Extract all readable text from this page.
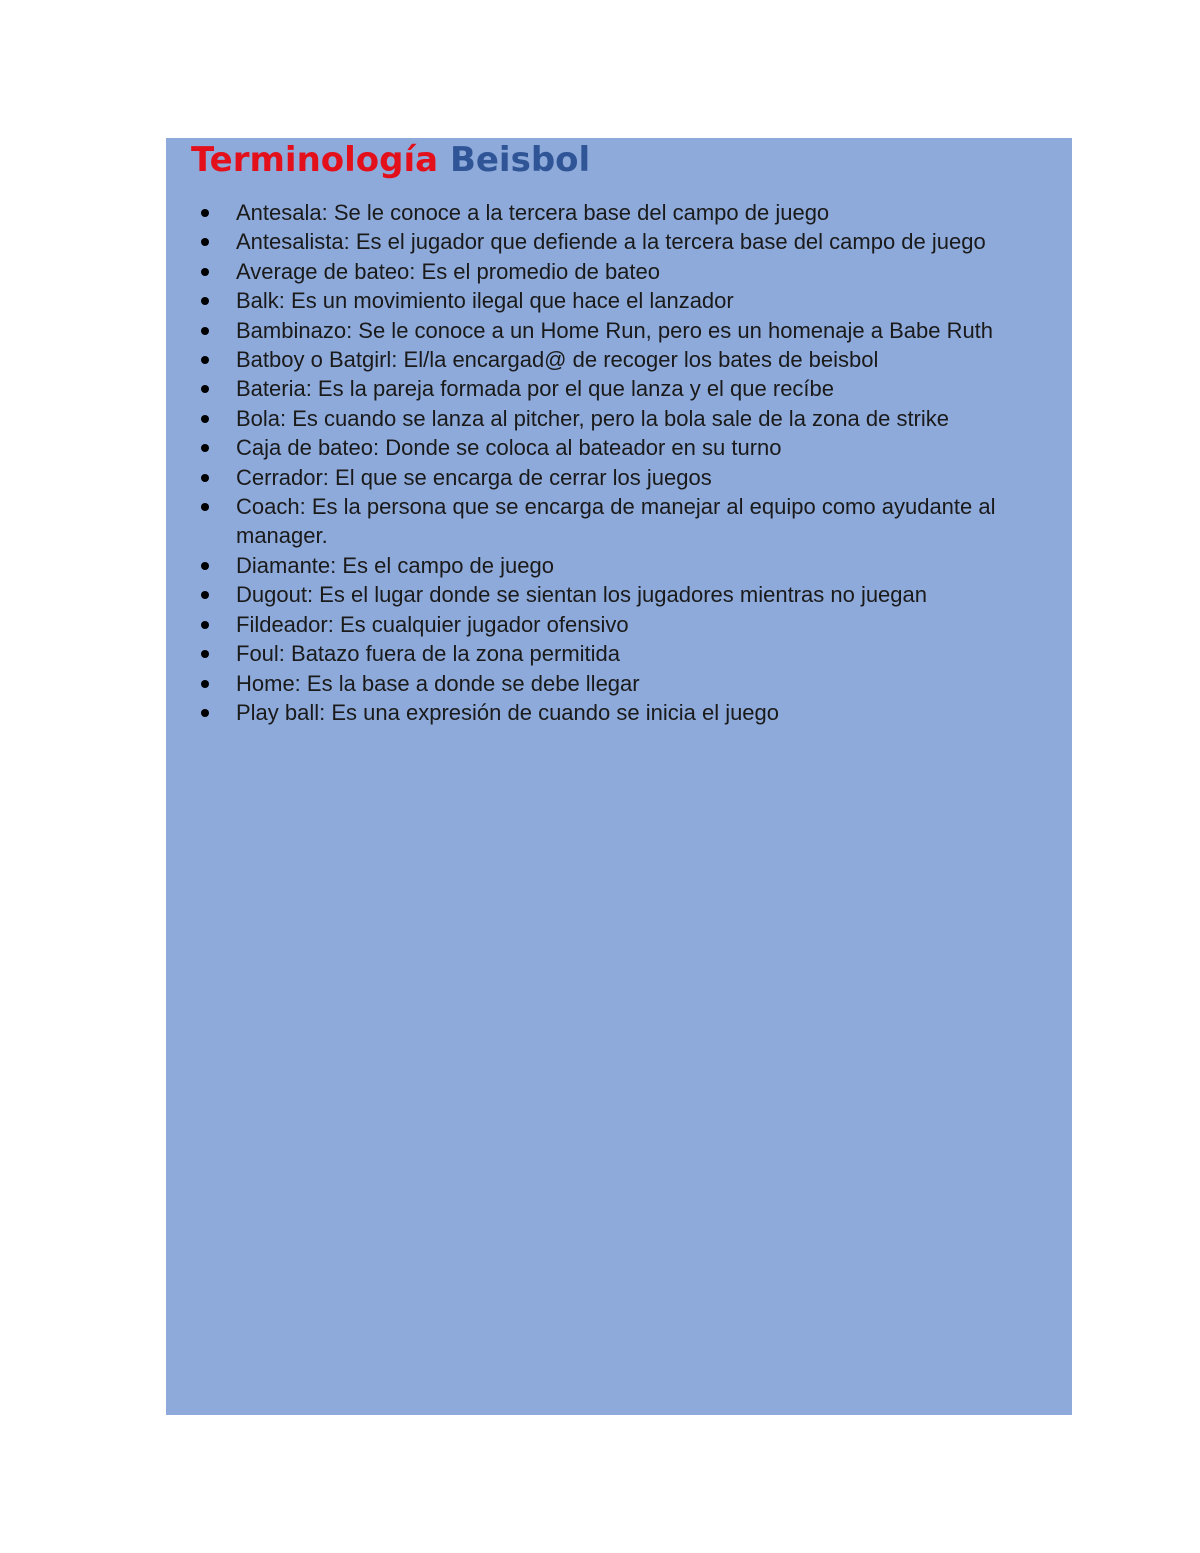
Terminología Beisbol
Antesala: Se le conoce a la tercera base del campo de juego
Antesalista: Es el jugador que defiende a la tercera base del campo de juego
Average de bateo: Es el promedio de bateo
Balk: Es un movimiento ilegal que hace el lanzador
Bambinazo: Se le conoce a un Home Run, pero es un homenaje a Babe Ruth
Batboy o Batgirl: El/la encargad@ de recoger los bates de beisbol
Bateria: Es la pareja formada por el que lanza y el que recíbe
Bola: Es cuando se lanza al pitcher, pero la bola sale de la zona de strike
Caja de bateo: Donde se coloca al bateador en su turno
Cerrador: El que se encarga de cerrar los juegos
Coach: Es la persona que se encarga de manejar al equipo como ayudante al manager.
Diamante: Es el campo de juego
Dugout: Es el lugar donde se sientan los jugadores mientras no juegan
Fildeador: Es cualquier jugador ofensivo
Foul: Batazo fuera de la zona permitida
Home: Es la base a donde se debe llegar
Play ball: Es una expresión de cuando se inicia el juego
